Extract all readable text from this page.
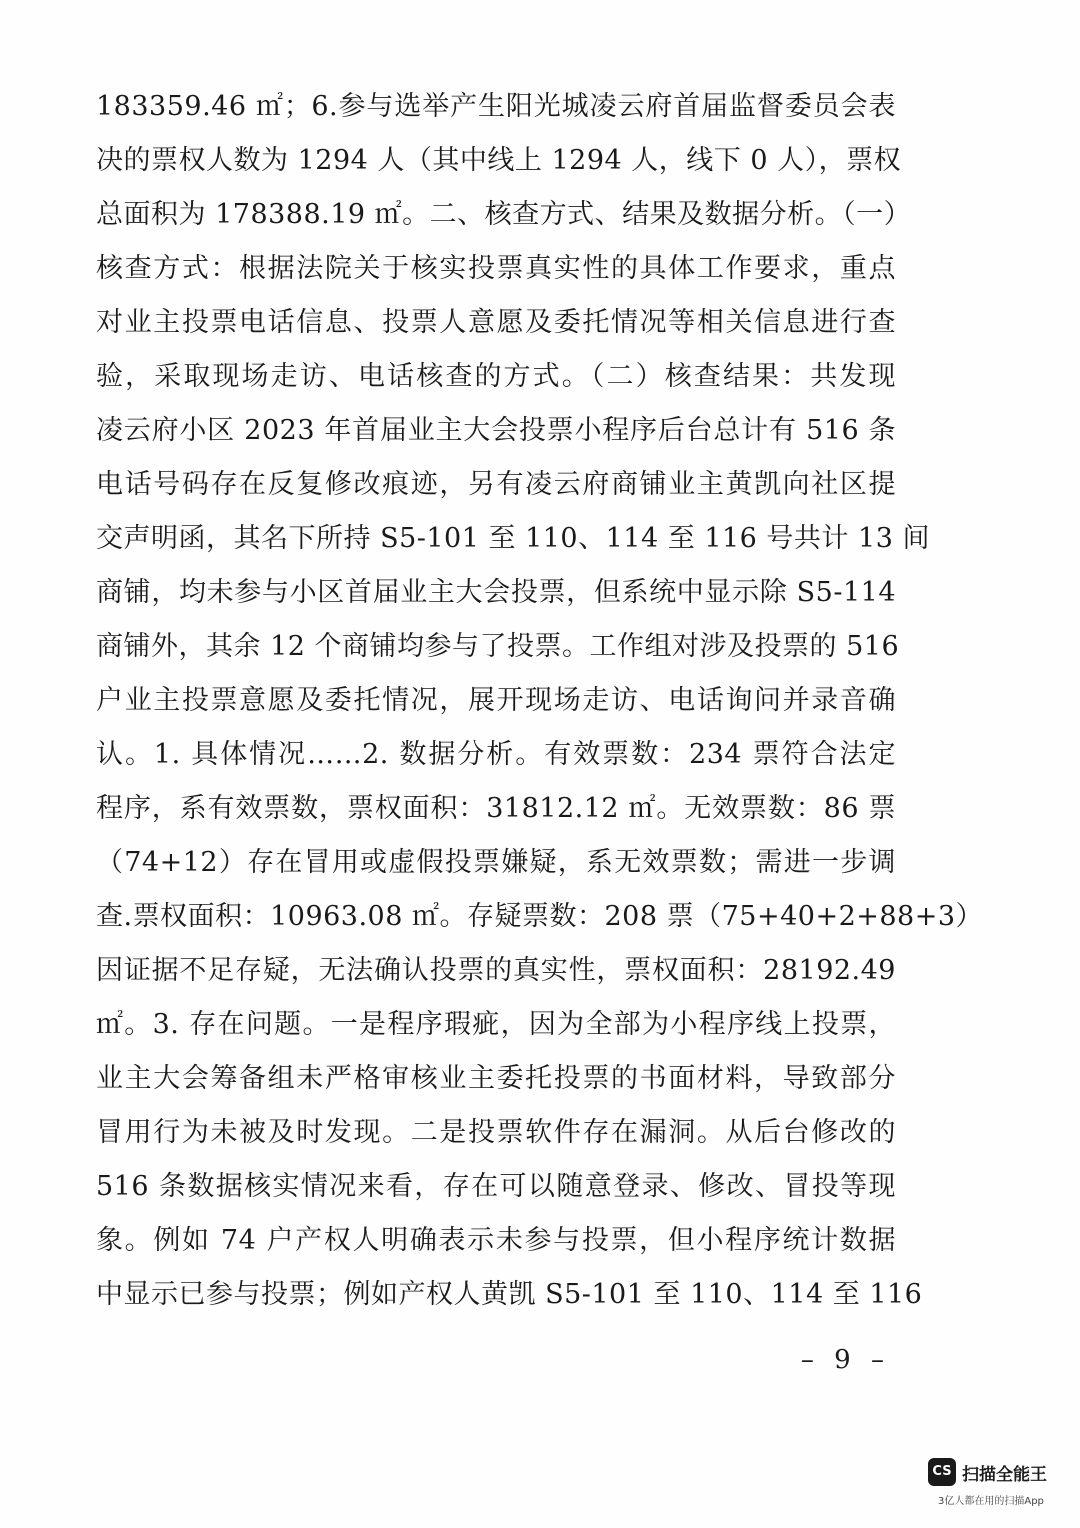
183359.46 ㎡；6.参与选举产生阳光城凌云府首届监督委员会表
决的票权人数为 1294 人（其中线上 1294 人，线下 0 人），票权
总面积为 178388.19 ㎡。二、核查方式、结果及数据分析。（一）
核查方式：根据法院关于核实投票真实性的具体工作要求，重点
对业主投票电话信息、投票人意愿及委托情况等相关信息进行查
验，采取现场走访、电话核查的方式。（二）核查结果：共发现
凌云府小区 2023 年首届业主大会投票小程序后台总计有 516 条
电话号码存在反复修改痕迹，另有凌云府商铺业主黄凯向社区提
交声明函，其名下所持 S5-101 至 110、114 至 116 号共计 13 间
商铺，均未参与小区首届业主大会投票，但系统中显示除 S5-114
商铺外，其余 12 个商铺均参与了投票。工作组对涉及投票的 516
户业主投票意愿及委托情况，展开现场走访、电话询问并录音确
认。1. 具体情况……2. 数据分析。有效票数：234 票符合法定
程序，系有效票数，票权面积：31812.12 ㎡。无效票数：86 票
（74+12）存在冒用或虚假投票嫌疑，系无效票数；需进一步调
查.票权面积：10963.08 ㎡。存疑票数：208 票（75+40+2+88+3）
因证据不足存疑，无法确认投票的真实性，票权面积：28192.49
㎡。3. 存在问题。一是程序瑕疵，因为全部为小程序线上投票，
业主大会筹备组未严格审核业主委托投票的书面材料，导致部分
冒用行为未被及时发现。二是投票软件存在漏洞。从后台修改的
516 条数据核实情况来看，存在可以随意登录、修改、冒投等现
象。例如 74 户产权人明确表示未参与投票，但小程序统计数据
中显示已参与投票；例如产权人黄凯 S5-101 至 110、114 至 116
– 9 –
CS 扫描全能王
3亿人都在用的扫描App
